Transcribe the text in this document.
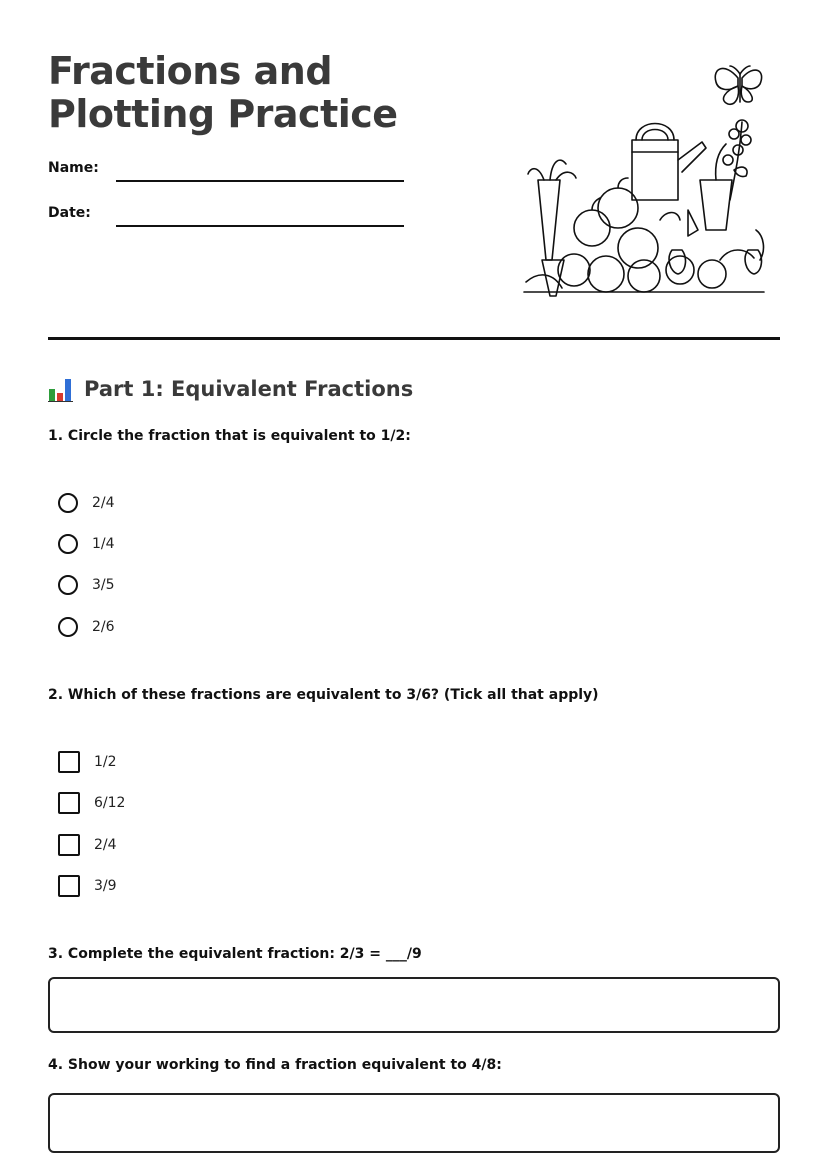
Fractions and Plotting Practice
Name:
Date:
Part 1: Equivalent Fractions
1. Circle the fraction that is equivalent to 1/2:
2/4
1/4
3/5
2/6
2. Which of these fractions are equivalent to 3/6? (Tick all that apply)
1/2
6/12
2/4
3/9
3. Complete the equivalent fraction: 2/3 = ___/9
4. Show your working to find a fraction equivalent to 4/8:
